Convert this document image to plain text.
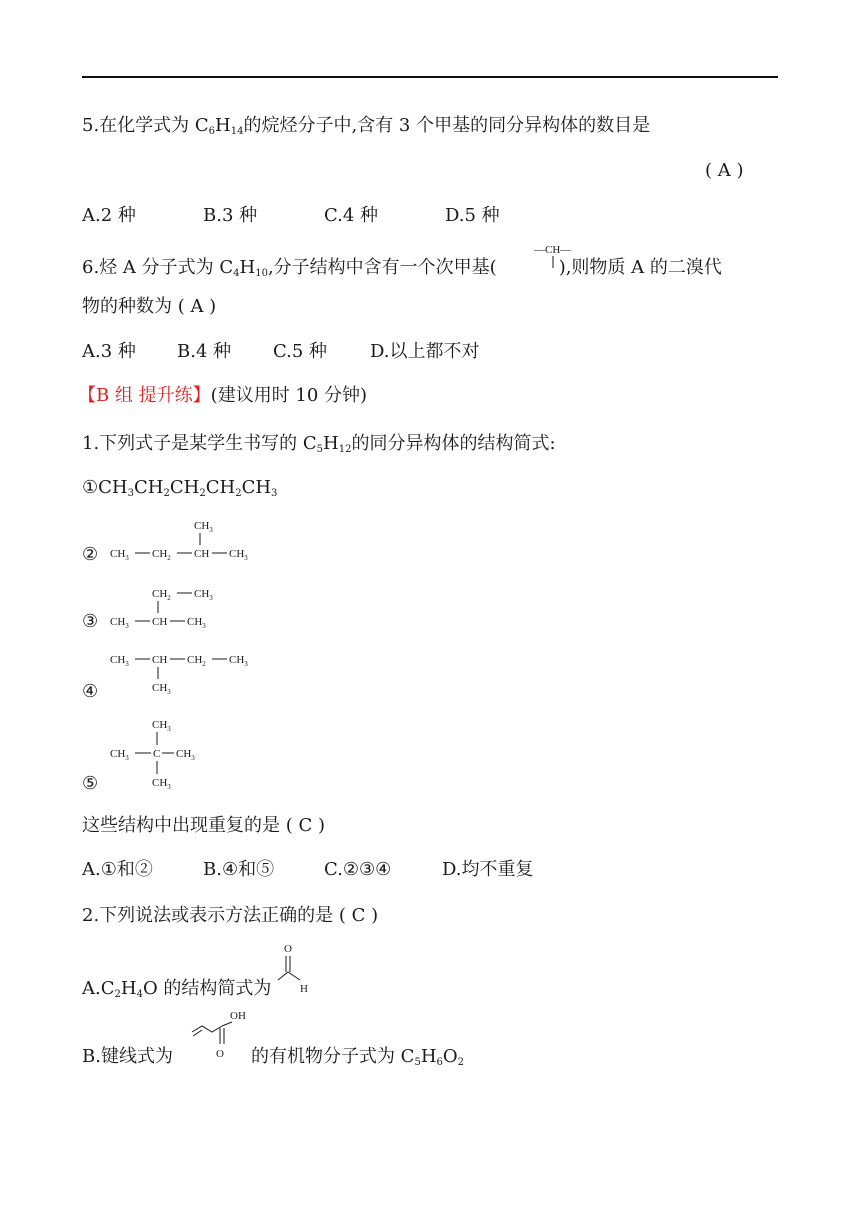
5.在化学式为 $C_6H_{14}$的烷烃分子中,含有 3 个甲基的同分异构体的数目是
( A )
A.2 种	B.3 种	C.4 种	D.5 种
6.烃 A 分子式为 $C_4H_{10}$,分子结构中含有一个次甲基(	),则物质 A 的二溴代
—CH—
物的种数为 ( A )
A.3 种 B.4 种 C.5 种 D.以上都不对
【B 组 提升练】(建议用时 10 分钟)
1.下列式子是某学生书写的 $C_5H_{12}$的同分异构体的结构简式:
$①CH_3CH_2CH_2CH_2CH_3$
②
$CH_3$
$CH_3$ $CH_2$ CH $CH_3$
③
$CH_2$ $CH_3$
$CH_3$ CH $CH_3$
④
$CH_3$ CH $CH_2$ $CH_3$
$CH_3$
⑤
$CH_3$
$CH_3$ C $CH_3$
$CH_3$
这些结构中出现重复的是 ( C )
A.①和②	B.④和⑤	C.②③④	D.均不重复
2.下列说法或表示方法正确的是 ( C )
$A.C_2H_4O$ 的结构简式为
O
H
B.键线式为	的有机物分子式为 $C_5H_6O_2$
OH
O
